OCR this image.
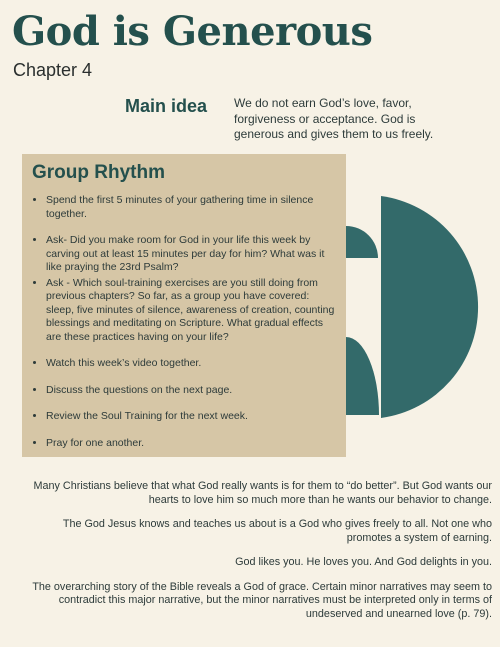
God is Generous
Chapter 4
Main idea We do not earn God’s love, favor, forgiveness or acceptance. God is generous and gives them to us freely.
Group Rhythm
• Spend the first 5 minutes of your gathering time in silence together.
• Ask- Did you make room for God in your life this week by carving out at least 15 minutes per day for him? What was it like praying the 23rd Psalm?
• Ask - Which soul-training exercises are you still doing from previous chapters? So far, as a group you have covered: sleep, five minutes of silence, awareness of creation, counting blessings and meditating on Scripture. What gradual effects are these practices having on your life?
• Watch this week’s video together.
• Discuss the questions on the next page.
• Review the Soul Training for the next week.
• Pray for one another.

Many Christians believe that what God really wants is for them to “do better”. But God wants our hearts to love him so much more than he wants our behavior to change.

The God Jesus knows and teaches us about is a God who gives freely to all. Not one who promotes a system of earning.

God likes you. He loves you. And God delights in you.

The overarching story of the Bible reveals a God of grace. Certain minor narratives may seem to contradict this major narrative, but the minor narratives must be interpreted only in terms of undeserved and unearned love (p. 79).
